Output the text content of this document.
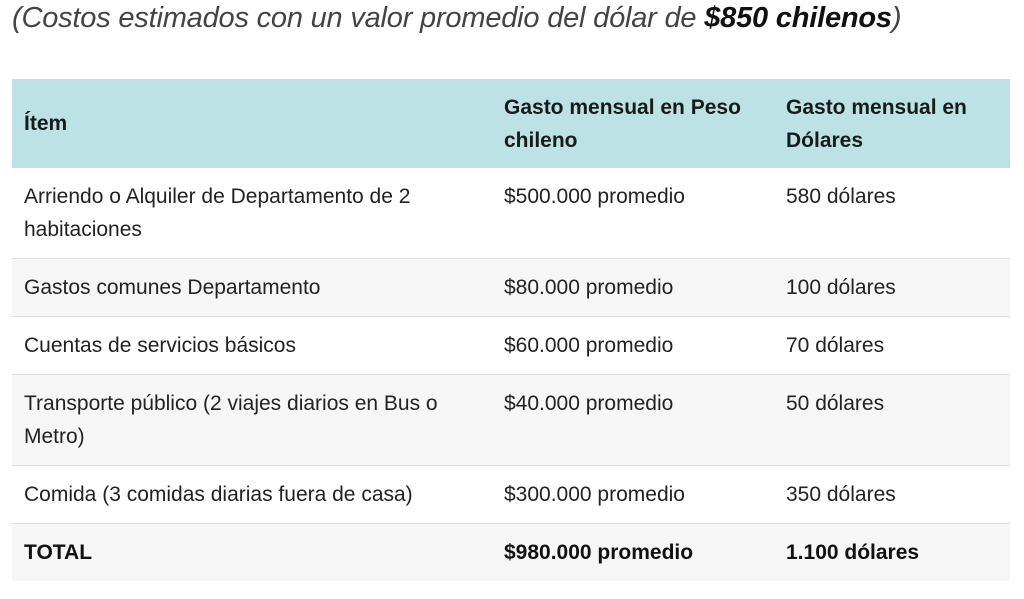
(Costos estimados con un valor promedio del dólar de $850 chilenos)
Ítem	Gasto mensual en Peso chileno	Gasto mensual en Dólares
Arriendo o Alquiler de Departamento de 2 habitaciones	$500.000 promedio	580 dólares
Gastos comunes Departamento	$80.000 promedio	100 dólares
Cuentas de servicios básicos	$60.000 promedio	70 dólares
Transporte público (2 viajes diarios en Bus o Metro)	$40.000 promedio	50 dólares
Comida (3 comidas diarias fuera de casa)	$300.000 promedio	350 dólares
TOTAL	$980.000 promedio	1.100 dólares
